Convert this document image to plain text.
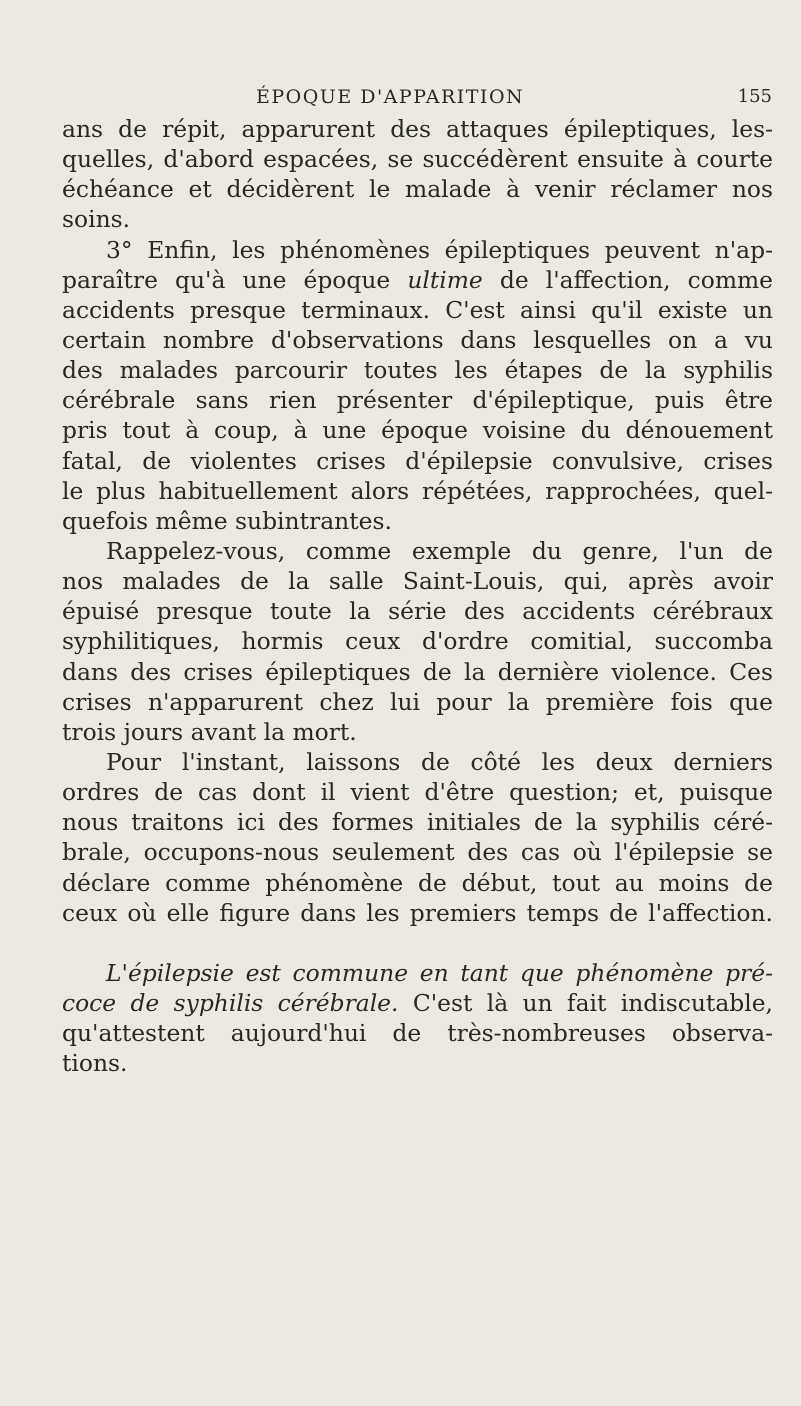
ÉPOQUE D'APPARITION	155
ans de répit, apparurent des attaques épileptiques, les-
quelles, d'abord espacées, se succédèrent ensuite à courte
échéance et décidèrent le malade à venir réclamer nos
soins.
3° Enfin, les phénomènes épileptiques peuvent n'ap-
paraître qu'à une époque ultime de l'affection, comme
accidents presque terminaux. C'est ainsi qu'il existe un
certain nombre d'observations dans lesquelles on a vu
des malades parcourir toutes les étapes de la syphilis
cérébrale sans rien présenter d'épileptique, puis être
pris tout à coup, à une époque voisine du dénouement
fatal, de violentes crises d'épilepsie convulsive, crises
le plus habituellement alors répétées, rapprochées, quel-
quefois même subintrantes.
Rappelez-vous, comme exemple du genre, l'un de
nos malades de la salle Saint-Louis, qui, après avoir
épuisé presque toute la série des accidents cérébraux
syphilitiques, hormis ceux d'ordre comitial, succomba
dans des crises épileptiques de la dernière violence. Ces
crises n'apparurent chez lui pour la première fois que
trois jours avant la mort.
Pour l'instant, laissons de côté les deux derniers
ordres de cas dont il vient d'être question; et, puisque
nous traitons ici des formes initiales de la syphilis céré-
brale, occupons-nous seulement des cas où l'épilepsie se
déclare comme phénomène de début, tout au moins de
ceux où elle figure dans les premiers temps de l'affection.
L'épilepsie est commune en tant que phénomène pré-
coce de syphilis cérébrale. C'est là un fait indiscutable,
qu'attestent aujourd'hui de très-nombreuses observa-
tions.
